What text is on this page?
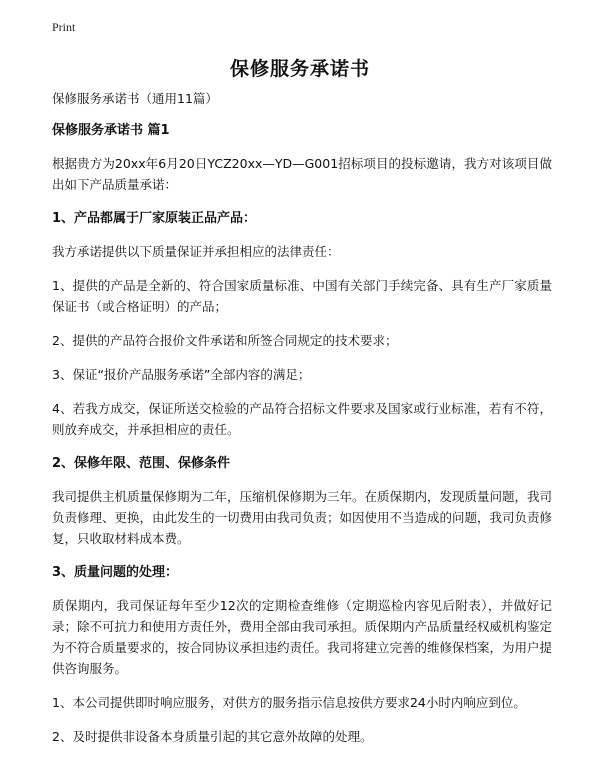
Print
保修服务承诺书

保修服务承诺书（通用11篇）

保修服务承诺书 篇1

根据贵方为20xx年6月20日YCZ20xx—YD—G001招标项目的投标邀请，我方对该项目做出如下产品质量承诺：

1、产品都属于厂家原装正品产品：

我方承诺提供以下质量保证并承担相应的法律责任：

1、提供的产品是全新的、符合国家质量标准、中国有关部门手续完备、具有生产厂家质量保证书（或合格证明）的产品；

2、提供的产品符合报价文件承诺和所签合同规定的技术要求；

3、保证“报价产品服务承诺”全部内容的满足；

4、若我方成交，保证所送交检验的产品符合招标文件要求及国家或行业标准，若有不符，则放弃成交，并承担相应的责任。

2、保修年限、范围、保修条件

我司提供主机质量保修期为二年，压缩机保修期为三年。在质保期内，发现质量问题，我司负责修理、更换，由此发生的一切费用由我司负责；如因使用不当造成的问题，我司负责修复，只收取材料成本费。

3、质量问题的处理：

质保期内，我司保证每年至少12次的定期检查维修（定期巡检内容见后附表），并做好记录；除不可抗力和使用方责任外，费用全部由我司承担。质保期内产品质量经权威机构鉴定为不符合质量要求的，按合同协议承担违约责任。我司将建立完善的维修保档案，为用户提供咨询服务。

1、本公司提供即时响应服务，对供方的服务指示信息按供方要求24小时内响应到位。

2、及时提供非设备本身质量引起的其它意外故障的处理。
